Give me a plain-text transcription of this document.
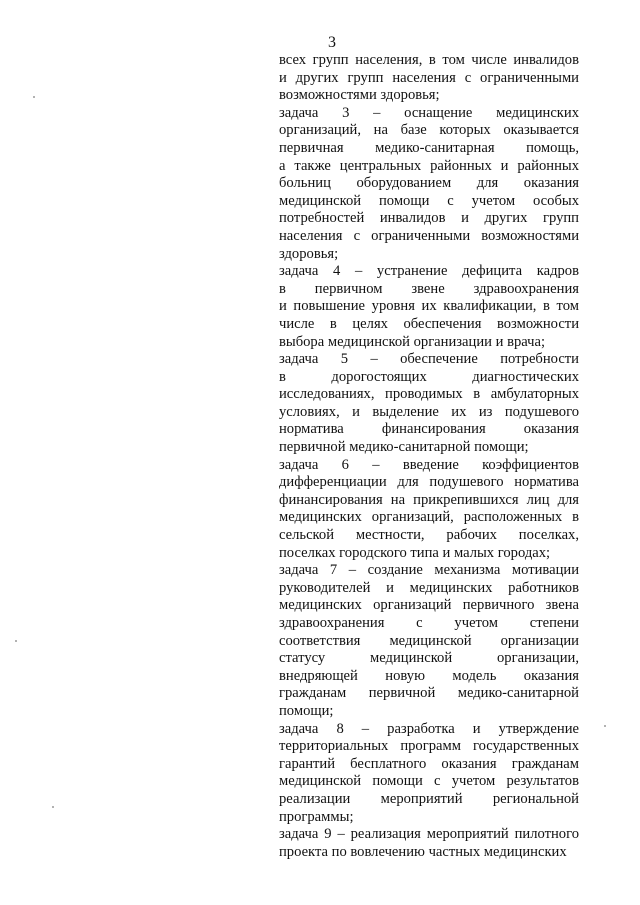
3

всех групп населения, в том числе инвалидов
и других групп населения с ограниченными
возможностями здоровья;

задача 3 – оснащение медицинских
организаций, на базе которых оказывается
первичная медико-санитарная помощь,
а также центральных районных и районных
больниц оборудованием для оказания
медицинской помощи с учетом особых
потребностей инвалидов и других групп
населения с ограниченными возможностями
здоровья;

задача 4 – устранение дефицита кадров
в первичном звене здравоохранения
и повышение уровня их квалификации, в том
числе в целях обеспечения возможности
выбора медицинской организации и врача;

задача 5 – обеспечение потребности
в дорогостоящих диагностических
исследованиях, проводимых в амбулаторных
условиях, и выделение их из подушевого
норматива финансирования оказания
первичной медико-санитарной помощи;

задача 6 – введение коэффициентов
дифференциации для подушевого норматива
финансирования на прикрепившихся лиц для
медицинских организаций, расположенных в
сельской местности, рабочих поселках,
поселках городского типа и малых городах;

задача 7 – создание механизма мотивации
руководителей и медицинских работников
медицинских организаций первичного звена
здравоохранения с учетом степени
соответствия медицинской организации
статусу медицинской организации,
внедряющей новую модель оказания
гражданам первичной медико-санитарной
помощи;

задача 8 – разработка и утверждение
территориальных программ государственных
гарантий бесплатного оказания гражданам
медицинской помощи с учетом результатов
реализации мероприятий региональной
программы;

задача 9 – реализация мероприятий пилотного
проекта по вовлечению частных медицинских
